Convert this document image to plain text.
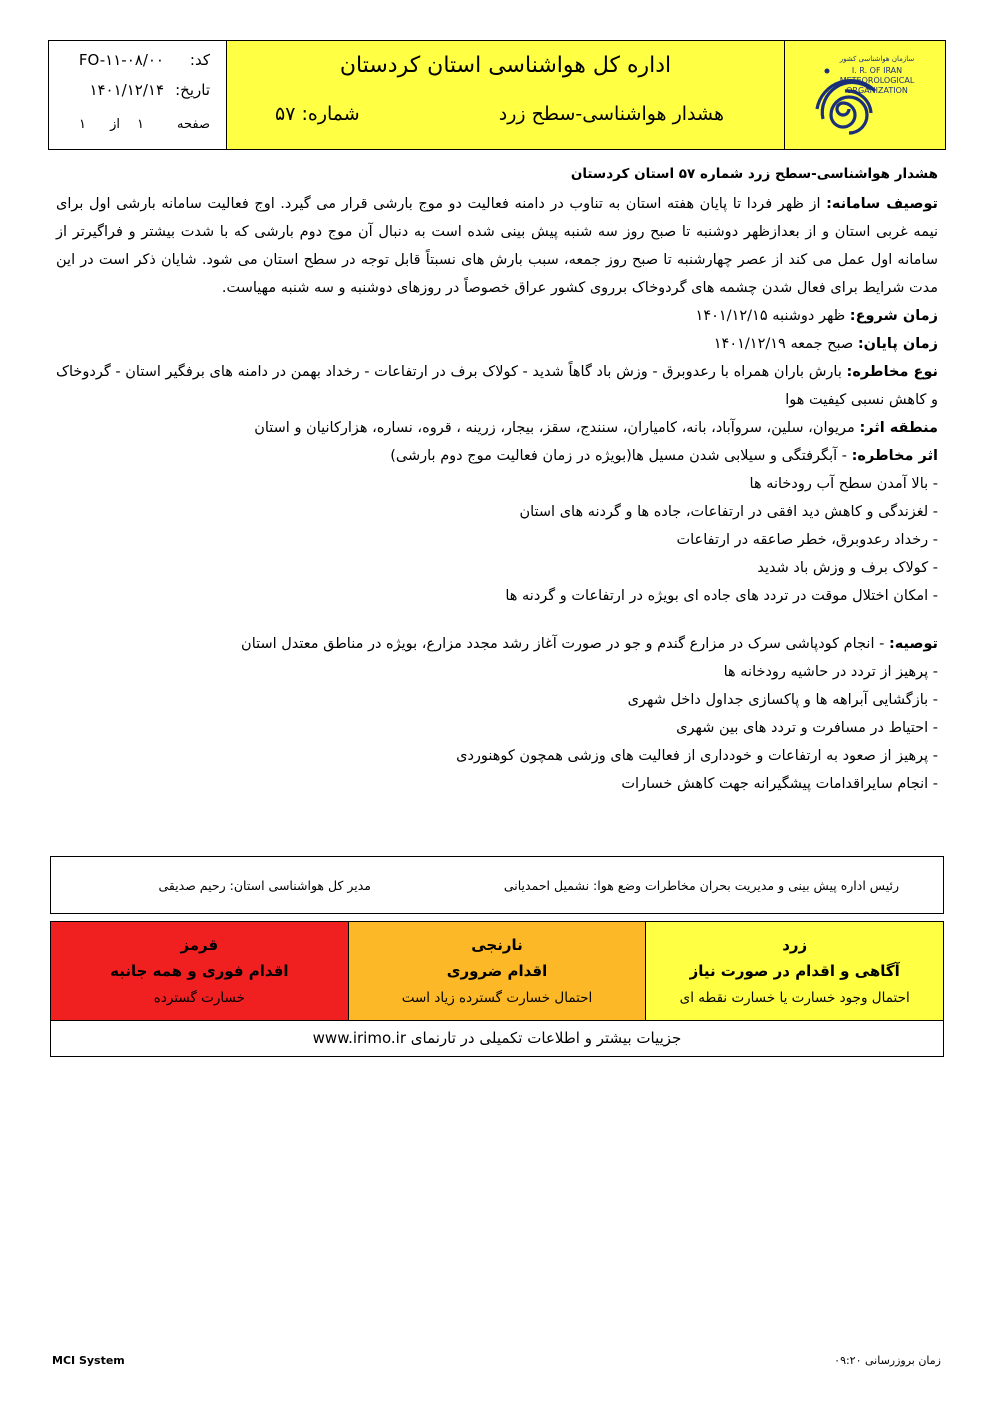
کد:
FO-۱۱-۰۸/۰۰
تاریخ:
۱۴۰۱/۱۲/۱۴
صفحه
۱
از
۱
اداره کل هواشناسی استان کردستان
هشدار هواشناسی-سطح زرد
شماره: ۵۷
سازمان هواشناسی کشور
I. R. OF IRAN
METEOROLOGICAL
ORGANIZATION
هشدار هواشناسی-سطح زرد شماره ۵۷ استان کردستان

توصیف سامانه: از ظهر فردا تا پایان هفته استان به تناوب در دامنه فعالیت دو موج بارشی قرار می گیرد. اوج فعالیت سامانه بارشی اول برای نیمه غربی استان و از بعدازظهر دوشنبه تا صبح روز سه شنبه پیش بینی شده است به دنبال آن موج دوم بارشی که با شدت بیشتر و فراگیرتر از سامانه اول عمل می کند از عصر چهارشنبه تا صبح روز جمعه، سبب بارش های نسبتاً قابل توجه در سطح استان می شود. شایان ذکر است در این مدت شرایط برای فعال شدن چشمه های گردوخاک برروی کشور عراق خصوصاً در روزهای دوشنبه و سه شنبه مهیاست.

زمان شروع: ظهر دوشنبه ۱۴۰۱/۱۲/۱۵

زمان پایان: صبح جمعه ۱۴۰۱/۱۲/۱۹

نوع مخاطره: بارش باران همراه با رعدوبرق - وزش باد گاهاً شدید - کولاک برف در ارتفاعات - رخداد بهمن در دامنه های برفگیر استان - گردوخاک و کاهش نسبی کیفیت هوا

منطقه اثر: مریوان، سلین، سروآباد، بانه، کامیاران، سنندج، سقز، بیجار، زرینه ، قروه، نساره، هزارکانیان و استان

اثر مخاطره: - آبگرفتگی و سیلابی شدن مسیل ها(بویژه در زمان فعالیت موج دوم بارشی)

- بالا آمدن سطح آب رودخانه ها

- لغزندگی و کاهش دید افقی در ارتفاعات، جاده ها و گردنه های استان

- رخداد رعدوبرق، خطر صاعقه در ارتفاعات

- کولاک برف و وزش باد شدید

- امکان اختلال موقت در تردد های جاده ای بویژه در ارتفاعات و گردنه ها

توصیه: - انجام کودپاشی سرک در مزارع گندم و جو در صورت آغاز رشد مجدد مزارع، بویژه در مناطق معتدل استان

- پرهیز از تردد در حاشیه رودخانه ها

- بازگشایی آبراهه ها و پاکسازی جداول داخل شهری

- احتیاط در مسافرت و تردد های بین شهری

- پرهیز از صعود به ارتفاعات و خودداری از فعالیت های وزشی همچون کوهنوردی

- انجام سایراقدامات پیشگیرانه جهت کاهش خسارات

رئیس اداره پیش بینی و مدیریت بحران مخاطرات وضع هوا: نشمیل احمدیانی
مدیر کل هواشناسی استان: رحیم صدیقی
قرمز
اقدام فوری و همه جانبه
خسارت گسترده
نارنجی
اقدام ضروری
احتمال خسارت گسترده زیاد است
زرد
آگاهی و اقدام در صورت نیاز
احتمال وجود خسارت یا خسارت نقطه ای
جزییات بیشتر و اطلاعات تکمیلی در تارنمای www.irimo.ir
MCI System	زمان بروزرسانی ۰۹:۲۰
